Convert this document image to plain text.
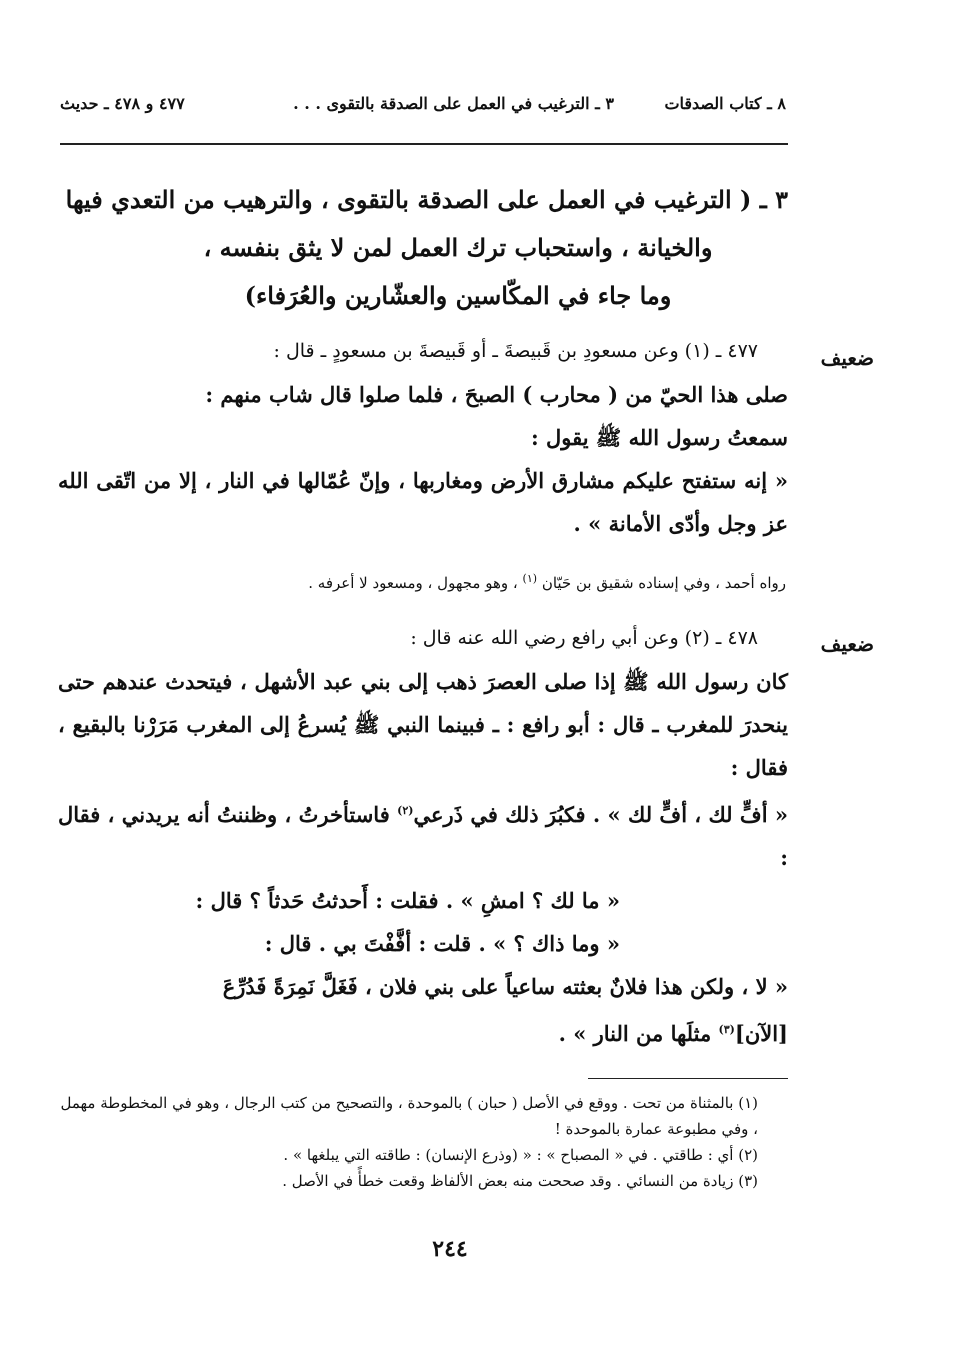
٨ ـ كتاب الصدقات
٣ ـ الترغيب في العمل على الصدقة بالتقوى . . .
٤٧٧ و ٤٧٨ ـ حديث
٣ ـ ( الترغيب في العمل على الصدقة بالتقوى ، والترهيب من التعدي فيها
والخيانة ، واستحباب ترك العمل لمن لا يثق بنفسه ،
وما جاء في المكّاسين والعشّارين والعُرَفاء)
ضعيف

٤٧٧ ـ (١) وعن مسعودِ بن قَبيصةَ ـ أو قَبيصةَ بن مسعودٍ ـ قال :

صلى هذا الحيّ من ( محارب ) الصبحَ ، فلما صلوا قال شاب منهم :

سمعتُ رسول الله ﷺ يقول :

« إنه ستفتح عليكم مشارق الأرض ومغاربها ، وإنّ عُمّالها في النار ، إلا من اتّقى الله عز وجل وأدّى الأمانة » .

رواه أحمد ، وفي إسناده شقيق بن حَيّان $^{(١)}$ ، وهو مجهول ، ومسعود لا أعرفه .
ضعيف

٤٧٨ ـ (٢) وعن أبي رافع رضي الله عنه قال :

كان رسول الله ﷺ إذا صلى العصرَ ذهب إلى بني عبد الأشهل ، فيتحدث عندهم حتى ينحدرَ للمغرب ـ قال : أبو رافع : ـ فبينما النبي ﷺ يُسرعُ إلى المغرب مَرَرْنا بالبقيع ، فقال :

« أفٍّ لك ، أفٍّ لك » . فكبُرَ ذلك في ذَرعي$^{(٢)}$ فاستأخرتُ ، وظننتُ أنه يريدني ، فقال :

« ما لك ؟ امشِ » . فقلت : أَحدثتُ حَدثاً ؟ قال :

« وما ذاك ؟ » . قلت : أفَّفْتَ بي . قال :

« لا ، ولكن هذا فلانٌ بعثته ساعياً على بني فلان ، فَغَلَّ نَمِرَةً فَدُرِّعَ

[الآن]$^{(٣)}$ مثلَها من النار » .

(١) بالمثناة من تحت . ووقع في الأصل ( حبان ) بالموحدة ، والتصحيح من كتب الرجال ، وهو في المخطوطة مهمل ، وفي مطبوعة عمارة بالموحدة !

(٢) أي : طاقتي . في « المصباح » : « (وذرع الإنسان) : طاقته التي يبلغها » .

(٣) زيادة من النسائي . وقد صححت منه بعض الألفاظ وقعت خطأً في الأصل .

٢٤٤
